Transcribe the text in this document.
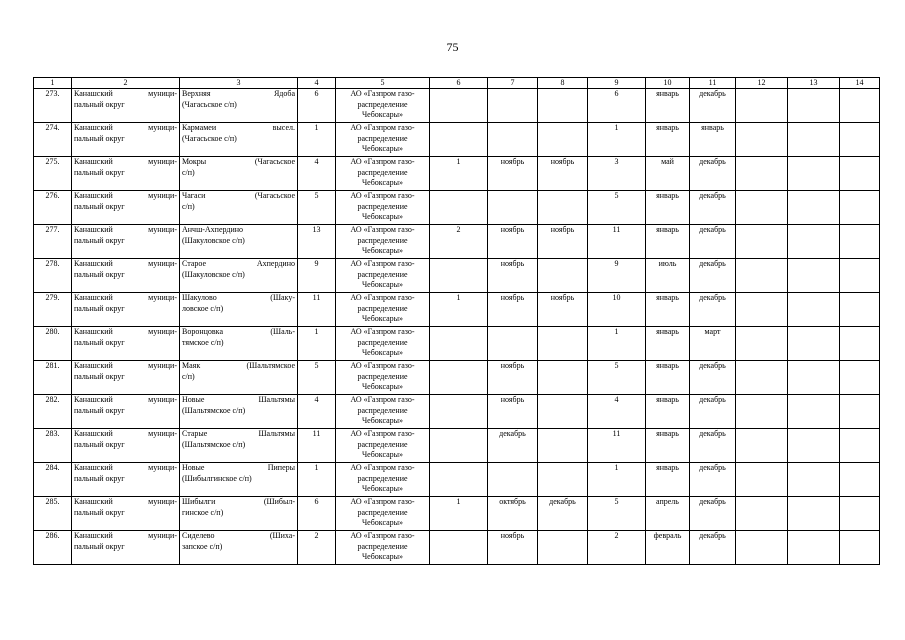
75
1	2	3	4	5	6	7	8	9	10	11	12	13	14

273.	Канашский муници-
пальный округ	Верхняя Ядоба
(Чагасьское с/п)	6	АО «Газпром газо-
распределение
Чебоксары»				6	январь	декабрь			

274.	Канашский муници-
пальный округ	Кармамеи высел.
(Чагасьское с/п)	1	АО «Газпром газо-
распределение
Чебоксары»				1	январь	январь			

275.	Канашский муници-
пальный округ	Мокры (Чагасьское
с/п)	4	АО «Газпром газо-
распределение
Чебоксары»	1	ноябрь	ноябрь	3	май	декабрь			

276.	Канашский муници-
пальный округ	Чагаси (Чагасьское
с/п)	5	АО «Газпром газо-
распределение
Чебоксары»				5	январь	декабрь			

277.	Канашский муници-
пальный округ	Анчш-Ахпердино
(Шакуловское с/п)	13	АО «Газпром газо-
распределение
Чебоксары»	2	ноябрь	ноябрь	11	январь	декабрь			

278.	Канашский муници-
пальный округ	Старое Ахпердино
(Шакуловское с/п)	9	АО «Газпром газо-
распределение
Чебоксары»		ноябрь		9	июль	декабрь			

279.	Канашский муници-
пальный округ	Шакулово (Шаку-
ловское с/п)	11	АО «Газпром газо-
распределение
Чебоксары»	1	ноябрь	ноябрь	10	январь	декабрь			

280.	Канашский муници-
пальный округ	Воронцовка (Шаль-
тямское с/п)	1	АО «Газпром газо-
распределение
Чебоксары»				1	январь	март			

281.	Канашский муници-
пальный округ	Маяк (Шальтямское
с/п)	5	АО «Газпром газо-
распределение
Чебоксары»		ноябрь		5	январь	декабрь			

282.	Канашский муници-
пальный округ	Новые Шальтямы
(Шальтямское с/п)	4	АО «Газпром газо-
распределение
Чебоксары»		ноябрь		4	январь	декабрь			

283.	Канашский муници-
пальный округ	Старые Шальтямы
(Шальтямское с/п)	11	АО «Газпром газо-
распределение
Чебоксары»		декабрь		11	январь	декабрь			

284.	Канашский муници-
пальный округ	Новые Пиперы
(Шибылгинское с/п)	1	АО «Газпром газо-
распределение
Чебоксары»				1	январь	декабрь			

285.	Канашский муници-
пальный округ	Шибылги (Шибыл-
гинское с/п)	6	АО «Газпром газо-
распределение
Чебоксары»	1	октябрь	декабрь	5	апрель	декабрь			

286.	Канашский муници-
пальный округ	Сиделево (Шиха-
запское с/п)	2	АО «Газпром газо-
распределение
Чебоксары»		ноябрь		2	февраль	декабрь			
